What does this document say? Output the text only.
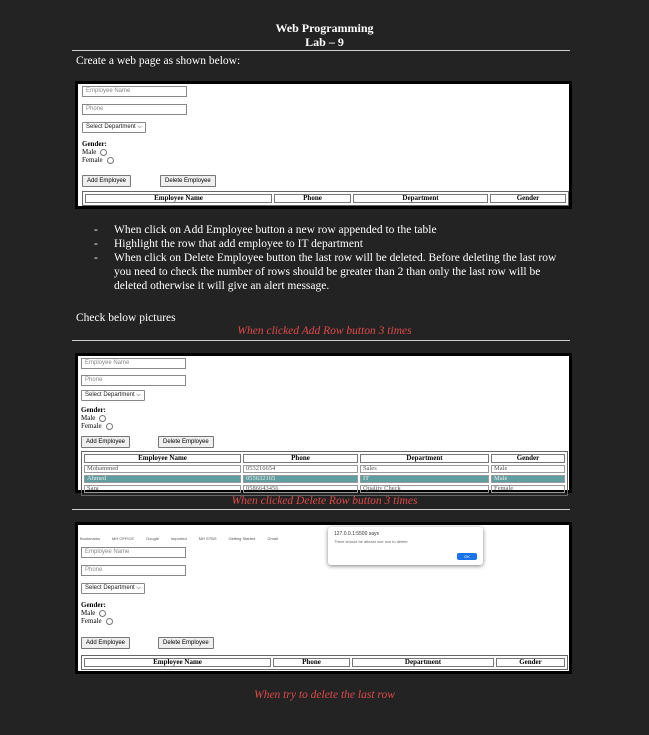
Web Programming
Lab – 9
Create a web page as shown below:
Employee Name
Phone
Select Department ⌵
Gender:
Male
Female
Add Employee	Delete Employee
Employee Name	Phone	Department	Gender
- When click on Add Employee button a new row appended to the table
- Highlight the row that add employee to IT department
- When click on Delete Employee button the last row will be deleted. Before deleting the last row you need to check the number of rows should be greater than 2 than only the last row will be deleted otherwise it will give an alert message.
Check below pictures
When clicked Add Row button 3 times
Employee Name
Phone
Select Department ⌵
Gender:
Male
Female
Add Employee	Delete Employee
Employee Name	Phone	Department	Gender
Mohammed	053216654	Sales	Male
Ahmed	055632165	IT	Male
Sara	0586643456	Quality Check	Female
When clicked Delete Row button 3 times
Bookmarks	MH OFFICE	Google	Imported	MH STBS	Getting Started	Gmail
127.0.0.1:5500 says
There should be atleast one row to delete
OK
Employee Name
Phone
Select Department ⌵
Gender:
Male
Female
Add Employee	Delete Employee
Employee Name	Phone	Department	Gender
When try to delete the last row
